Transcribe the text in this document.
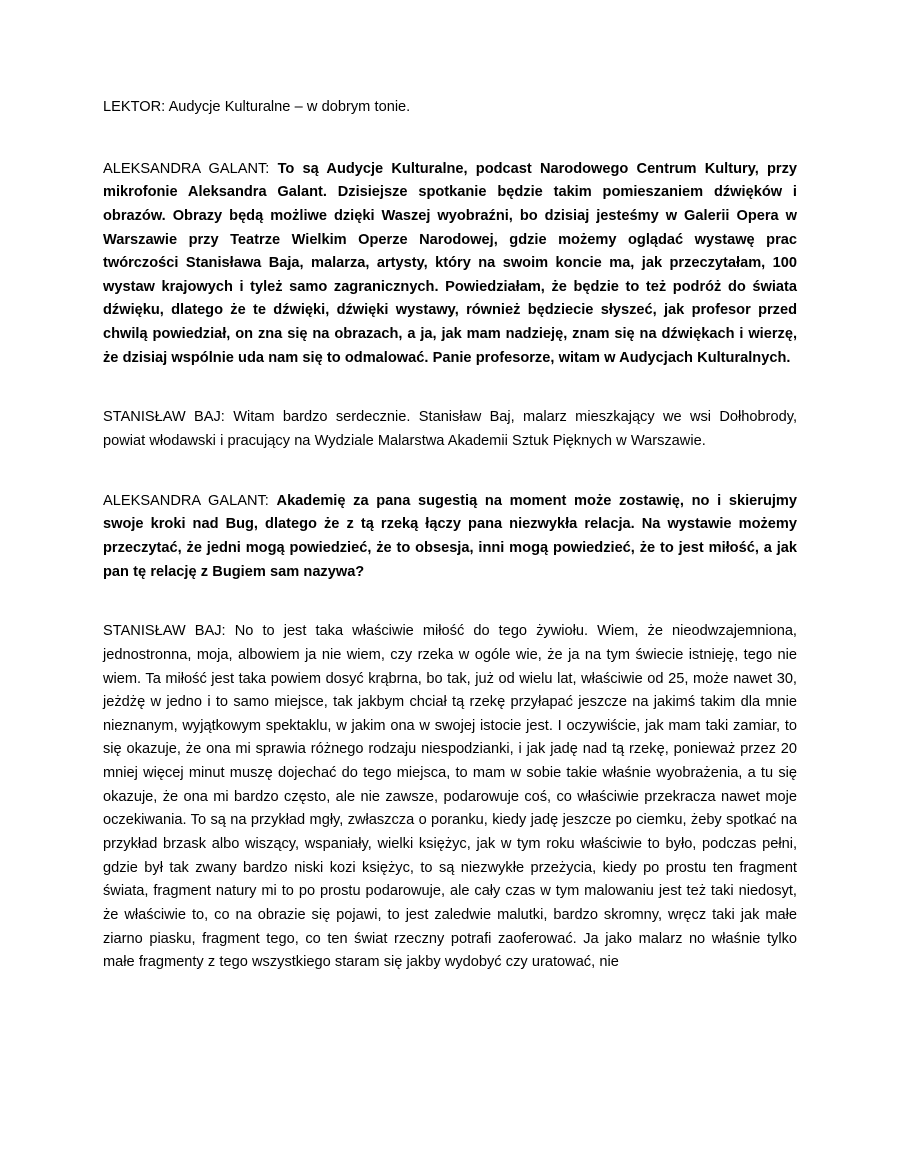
LEKTOR: Audycje Kulturalne – w dobrym tonie.

ALEKSANDRA GALANT: To są Audycje Kulturalne, podcast Narodowego Centrum Kultury, przy mikrofonie Aleksandra Galant. Dzisiejsze spotkanie będzie takim pomieszaniem dźwięków i obrazów. Obrazy będą możliwe dzięki Waszej wyobraźni, bo dzisiaj jesteśmy w Galerii Opera w Warszawie przy Teatrze Wielkim Operze Narodowej, gdzie możemy oglądać wystawę prac twórczości Stanisława Baja, malarza, artysty, który na swoim koncie ma, jak przeczytałam, 100 wystaw krajowych i tyleż samo zagranicznych. Powiedziałam, że będzie to też podróż do świata dźwięku, dlatego że te dźwięki, dźwięki wystawy, również będziecie słyszeć, jak profesor przed chwilą powiedział, on zna się na obrazach, a ja, jak mam nadzieję, znam się na dźwiękach i wierzę, że dzisiaj wspólnie uda nam się to odmalować. Panie profesorze, witam w Audycjach Kulturalnych.

STANISŁAW BAJ: Witam bardzo serdecznie. Stanisław Baj, malarz mieszkający we wsi Dołhobrody, powiat włodawski i pracujący na Wydziale Malarstwa Akademii Sztuk Pięknych w Warszawie.

ALEKSANDRA GALANT: Akademię za pana sugestią na moment może zostawię, no i skierujmy swoje kroki nad Bug, dlatego że z tą rzeką łączy pana niezwykła relacja. Na wystawie możemy przeczytać, że jedni mogą powiedzieć, że to obsesja, inni mogą powiedzieć, że to jest miłość, a jak pan tę relację z Bugiem sam nazywa?

STANISŁAW BAJ: No to jest taka właściwie miłość do tego żywiołu. Wiem, że nieodwzajemniona, jednostronna, moja, albowiem ja nie wiem, czy rzeka w ogóle wie, że ja na tym świecie istnieję, tego nie wiem. Ta miłość jest taka powiem dosyć krąbrna, bo tak, już od wielu lat, właściwie od 25, może nawet 30, jeżdżę w jedno i to samo miejsce, tak jakbym chciał tą rzekę przyłapać jeszcze na jakimś takim dla mnie nieznanym, wyjątkowym spektaklu, w jakim ona w swojej istocie jest. I oczywiście, jak mam taki zamiar, to się okazuje, że ona mi sprawia różnego rodzaju niespodzianki, i jak jadę nad tą rzekę, ponieważ przez 20 mniej więcej minut muszę dojechać do tego miejsca, to mam w sobie takie właśnie wyobrażenia, a tu się okazuje, że ona mi bardzo często, ale nie zawsze, podarowuje coś, co właściwie przekracza nawet moje oczekiwania. To są na przykład mgły, zwłaszcza o poranku, kiedy jadę jeszcze po ciemku, żeby spotkać na przykład brzask albo wiszący, wspaniały, wielki księżyc, jak w tym roku właściwie to było, podczas pełni, gdzie był tak zwany bardzo niski kozi księżyc, to są niezwykłe przeżycia, kiedy po prostu ten fragment świata, fragment natury mi to po prostu podarowuje, ale cały czas w tym malowaniu jest też taki niedosyt, że właściwie to, co na obrazie się pojawi, to jest zaledwie malutki, bardzo skromny, wręcz taki jak małe ziarno piasku, fragment tego, co ten świat rzeczny potrafi zaoferować. Ja jako malarz no właśnie tylko małe fragmenty z tego wszystkiego staram się jakby wydobyć czy uratować, nie
